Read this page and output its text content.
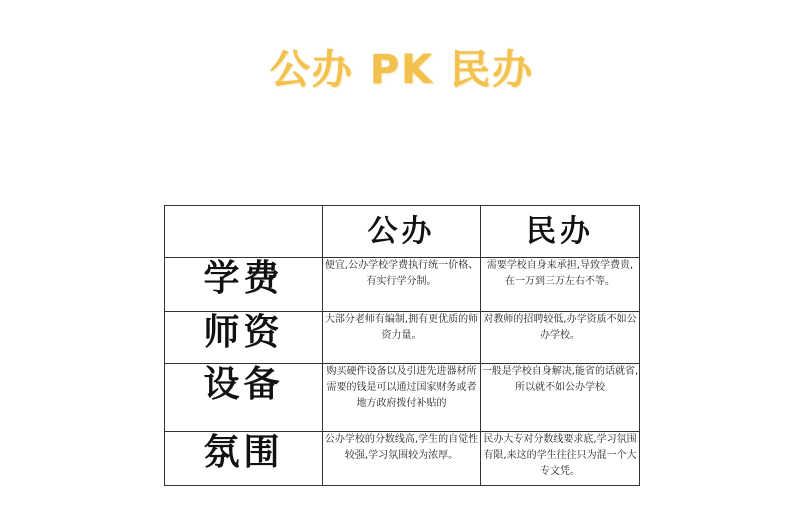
公办 PK 民办
	公办	民办
学费	便宜,公办学校学费执行统一价格、有实行学分制。	需要学校自身来承担,导致学费贵, 在一万到三万左右不等。
师资	大部分老师有编制,拥有更优质的师资力量。	对教师的招聘较低,办学资质不如公办学校。
设备	购买硬件设备以及引进先进器材所需要的钱是可以通过国家财务或者地方政府拨付补贴的	一般是学校自身解决,能省的话就省,所以就不如公办学校
氛围	公办学校的分数线高,学生的自觉性较强,学习氛围较为浓厚。	民办大专对分数线要求底,学习氛围有限,来这的学生往往只为混一个大专文凭。
